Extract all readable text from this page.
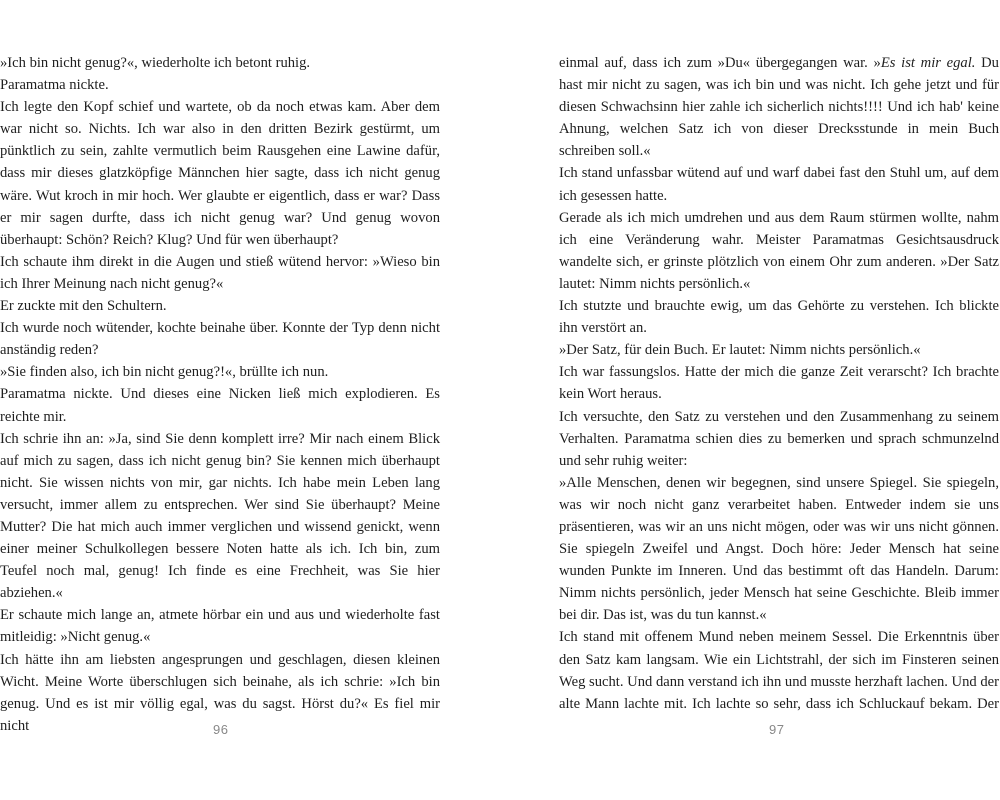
»Ich bin nicht genug?«, wiederholte ich betont ruhig.

Paramatma nickte.

Ich legte den Kopf schief und wartete, ob da noch etwas kam. Aber dem war nicht so. Nichts. Ich war also in den dritten Bezirk gestürmt, um pünktlich zu sein, zahlte vermutlich beim Rausgehen eine Lawine dafür, dass mir dieses glatzköpfige Männchen hier sagte, dass ich nicht genug wäre. Wut kroch in mir hoch. Wer glaubte er eigentlich, dass er war? Dass er mir sagen durfte, dass ich nicht genug war? Und genug wovon überhaupt: Schön? Reich? Klug? Und für wen überhaupt?

Ich schaute ihm direkt in die Augen und stieß wütend hervor: »Wieso bin ich Ihrer Meinung nach nicht genug?«

Er zuckte mit den Schultern.

Ich wurde noch wütender, kochte beinahe über. Konnte der Typ denn nicht anständig reden?

»Sie finden also, ich bin nicht genug?!«, brüllte ich nun.

Paramatma nickte. Und dieses eine Nicken ließ mich explodieren. Es reichte mir.

Ich schrie ihn an: »Ja, sind Sie denn komplett irre? Mir nach einem Blick auf mich zu sagen, dass ich nicht genug bin? Sie kennen mich überhaupt nicht. Sie wissen nichts von mir, gar nichts. Ich habe mein Leben lang versucht, immer allem zu entsprechen. Wer sind Sie überhaupt? Meine Mutter? Die hat mich auch immer verglichen und wissend genickt, wenn einer meiner Schulkollegen bessere Noten hatte als ich. Ich bin, zum Teufel noch mal, genug! Ich finde es eine Frechheit, was Sie hier abziehen.«

Er schaute mich lange an, atmete hörbar ein und aus und wiederholte fast mitleidig: »Nicht genug.«

Ich hätte ihn am liebsten angesprungen und geschlagen, diesen kleinen Wicht. Meine Worte überschlugen sich beinahe, als ich schrie: »Ich bin genug. Und es ist mir völlig egal, was du sagst. Hörst du?« Es fiel mir nicht

einmal auf, dass ich zum »Du« übergegangen war. »Es ist mir egal. Du hast mir nicht zu sagen, was ich bin und was nicht. Ich gehe jetzt und für diesen Schwachsinn hier zahle ich sicherlich nichts!!!! Und ich hab' keine Ahnung, welchen Satz ich von dieser Drecksstunde in mein Buch schreiben soll.«

Ich stand unfassbar wütend auf und warf dabei fast den Stuhl um, auf dem ich gesessen hatte.

Gerade als ich mich umdrehen und aus dem Raum stürmen wollte, nahm ich eine Veränderung wahr. Meister Paramatmas Gesichtsausdruck wandelte sich, er grinste plötzlich von einem Ohr zum anderen. »Der Satz lautet: Nimm nichts persönlich.«

Ich stutzte und brauchte ewig, um das Gehörte zu verstehen. Ich blickte ihn verstört an.

»Der Satz, für dein Buch. Er lautet: Nimm nichts persönlich.«

Ich war fassungslos. Hatte der mich die ganze Zeit verarscht? Ich brachte kein Wort heraus.

Ich versuchte, den Satz zu verstehen und den Zusammenhang zu seinem Verhalten. Paramatma schien dies zu bemerken und sprach schmunzelnd und sehr ruhig weiter:

»Alle Menschen, denen wir begegnen, sind unsere Spiegel. Sie spiegeln, was wir noch nicht ganz verarbeitet haben. Entweder indem sie uns präsentieren, was wir an uns nicht mögen, oder was wir uns nicht gönnen. Sie spiegeln Zweifel und Angst. Doch höre: Jeder Mensch hat seine wunden Punkte im Inneren. Und das bestimmt oft das Handeln. Darum: Nimm nichts persönlich, jeder Mensch hat seine Geschichte. Bleib immer bei dir. Das ist, was du tun kannst.«

Ich stand mit offenem Mund neben meinem Sessel. Die Erkenntnis über den Satz kam langsam. Wie ein Lichtstrahl, der sich im Finsteren seinen Weg sucht. Und dann verstand ich ihn und musste herzhaft lachen. Und der alte Mann lachte mit. Ich lachte so sehr, dass ich Schluckauf bekam. Der

96	97
